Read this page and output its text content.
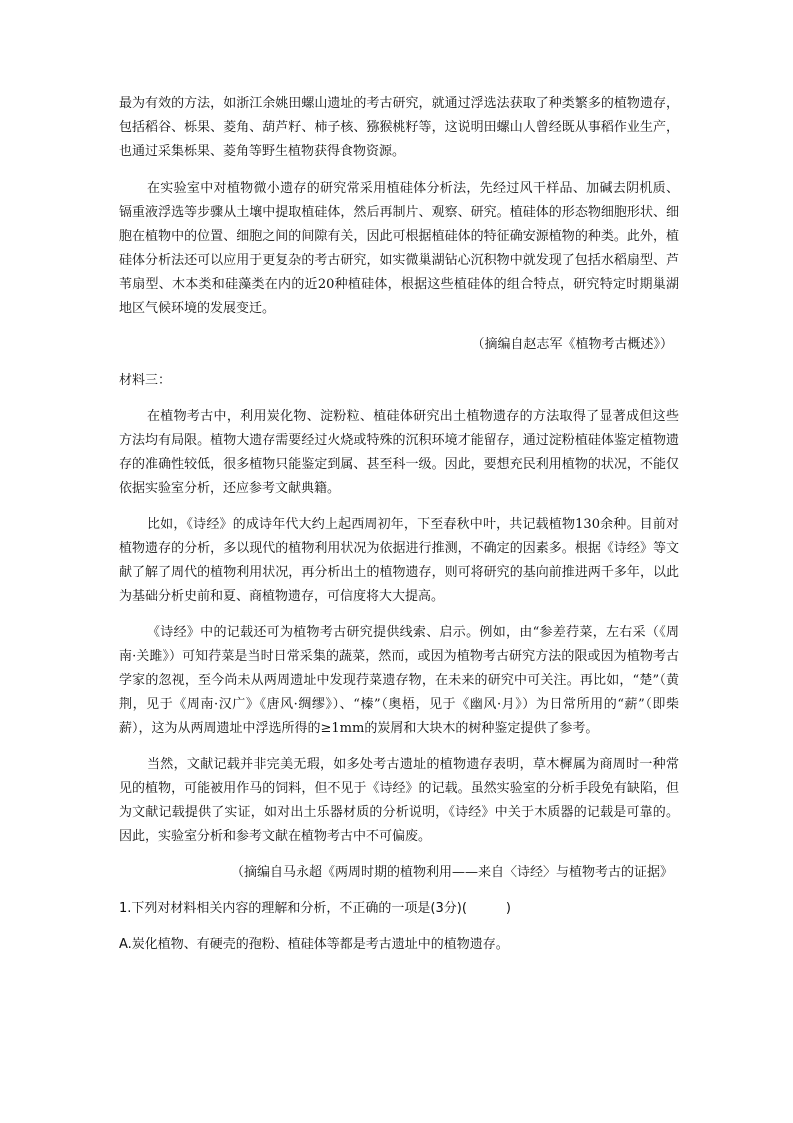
最为有效的方法，如浙江余姚田螺山遗址的考古研究，就通过浮选法获取了种类繁多的植物遗存，包括稻谷、栎果、菱角、葫芦籽、柿子核、猕猴桃籽等，这说明田螺山人曾经既从事稻作业生产，也通过采集栎果、菱角等野生植物获得食物资源。

在实验室中对植物微小遗存的研究常采用植硅体分析法，先经过风干样品、加碱去阴机质、镉重液浮选等步骤从土壤中提取植硅体，然后再制片、观察、研究。植硅体的形态物细胞形状、细胞在植物中的位置、细胞之间的间隙有关，因此可根据植硅体的特征确安源植物的种类。此外，植硅体分析法还可以应用于更复杂的考古研究，如实微巢湖钻心沉积物中就发现了包括水稻扇型、芦苇扇型、木本类和硅藻类在内的近20种植硅体，根据这些植硅体的组合特点，研究特定时期巢湖地区气候环境的发展变迁。

（摘编自赵志军《植物考古概述》）

材料三：

在植物考古中，利用炭化物、淀粉粒、植硅体研究出土植物遗存的方法取得了显著成但这些方法均有局限。植物大遗存需要经过火烧或特殊的沉积环境才能留存，通过淀粉植硅体鉴定植物遗存的准确性较低，很多植物只能鉴定到属、甚至科一级。因此，要想充民利用植物的状况，不能仅依据实验室分析，还应参考文献典籍。

比如，《诗经》的成诗年代大约上起西周初年，下至春秋中叶，共记载植物130余种。目前对植物遗存的分析，多以现代的植物利用状况为依据进行推测，不确定的因素多。根据《诗经》等文献了解了周代的植物利用状况，再分析出土的植物遗存，则可将研究的基向前推进两千多年，以此为基础分析史前和夏、商植物遗存，可信度将大大提高。

《诗经》中的记载还可为植物考古研究提供线索、启示。例如，由“参差荇菜，左右采（《周南·关雎》）可知荇菜是当时日常采集的蔬菜，然而，或因为植物考古研究方法的限或因为植物考古学家的忽视，至今尚未从两周遗址中发现荇菜遗存物，在未来的研究中可关注。再比如，“楚”（黄荆，见于《周南·汉广》《唐风·绸缪》）、“榛”（奥梧，见于《幽风·月》）为日常所用的“薪”（即柴薪），这为从两周遗址中浮选所得的≥1mm的炭屑和大块木的树种鉴定提供了参考。

当然，文献记载并非完美无瑕，如多处考古遗址的植物遗存表明，草木樨属为商周时一种常见的植物，可能被用作马的饲料，但不见于《诗经》的记载。虽然实验室的分析手段免有缺陷，但为文献记载提供了实证，如对出土乐器材质的分析说明，《诗经》中关于木质器的记载是可靠的。因此，实验室分析和参考文献在植物考古中不可偏废。

（摘编自马永超《两周时期的植物利用——来自〈诗经〉与植物考古的证据》

1.下列对材料相关内容的理解和分析，不正确的一项是(3分)(　　　)

A.炭化植物、有硬壳的孢粉、植硅体等都是考古遗址中的植物遗存。
